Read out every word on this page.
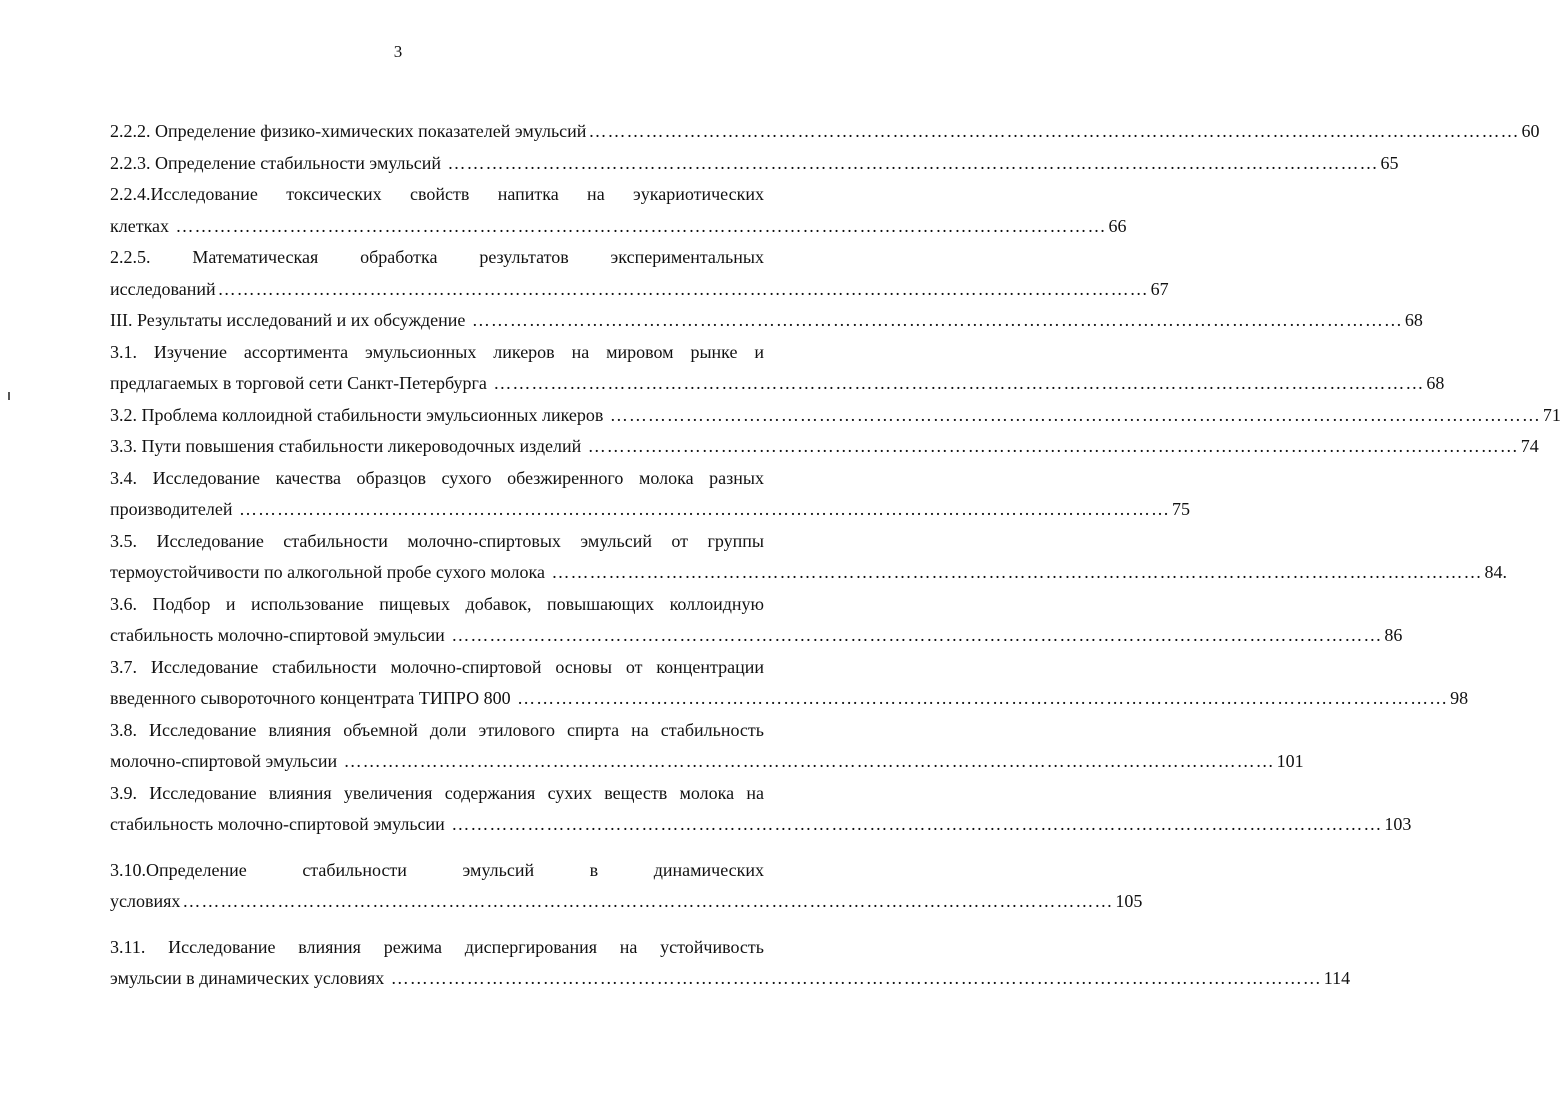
3
2.2.2. Определение физико-химических показателей эмульсий ………………………………………………………………………………………………………………………………… 60
2.2.3. Определение стабильности эмульсий ………………………………………………………………………………………………………………………………… 65
2.2.4.Исследование токсических свойств напитка на эукариотических
клетках ………………………………………………………………………………………………………………………………… 66
2.2.5. Математическая обработка результатов экспериментальных
исследований ………………………………………………………………………………………………………………………………… 67
III. Результаты исследований и их обсуждение ………………………………………………………………………………………………………………………………… 68
3.1. Изучение ассортимента эмульсионных ликеров на мировом рынке и
предлагаемых в торговой сети Санкт-Петербурга ………………………………………………………………………………………………………………………………… 68
3.2. Проблема коллоидной стабильности эмульсионных ликеров ………………………………………………………………………………………………………………………………… 71
3.3. Пути повышения стабильности ликероводочных изделий ………………………………………………………………………………………………………………………………… 74
3.4. Исследование качества образцов сухого обезжиренного молока разных
производителей ………………………………………………………………………………………………………………………………… 75
3.5. Исследование стабильности молочно-спиртовых эмульсий от группы
термоустойчивости по алкогольной пробе сухого молока ………………………………………………………………………………………………………………………………… 84.
3.6. Подбор и использование пищевых добавок, повышающих коллоидную
стабильность молочно-спиртовой эмульсии ………………………………………………………………………………………………………………………………… 86
3.7. Исследование стабильности молочно-спиртовой основы от концентрации
введенного сывороточного концентрата ТИПРО 800 ………………………………………………………………………………………………………………………………… 98
3.8. Исследование влияния объемной доли этилового спирта на стабильность
молочно-спиртовой эмульсии ………………………………………………………………………………………………………………………………… 101
3.9. Исследование влияния увеличения содержания сухих веществ молока на
стабильность молочно-спиртовой эмульсии ………………………………………………………………………………………………………………………………… 103
3.10.Определение стабильности эмульсий в динамических
условиях ………………………………………………………………………………………………………………………………… 105
3.11. Исследование влияния режима диспергирования на устойчивость
эмульсии в динамических условиях ………………………………………………………………………………………………………………………………… 114
